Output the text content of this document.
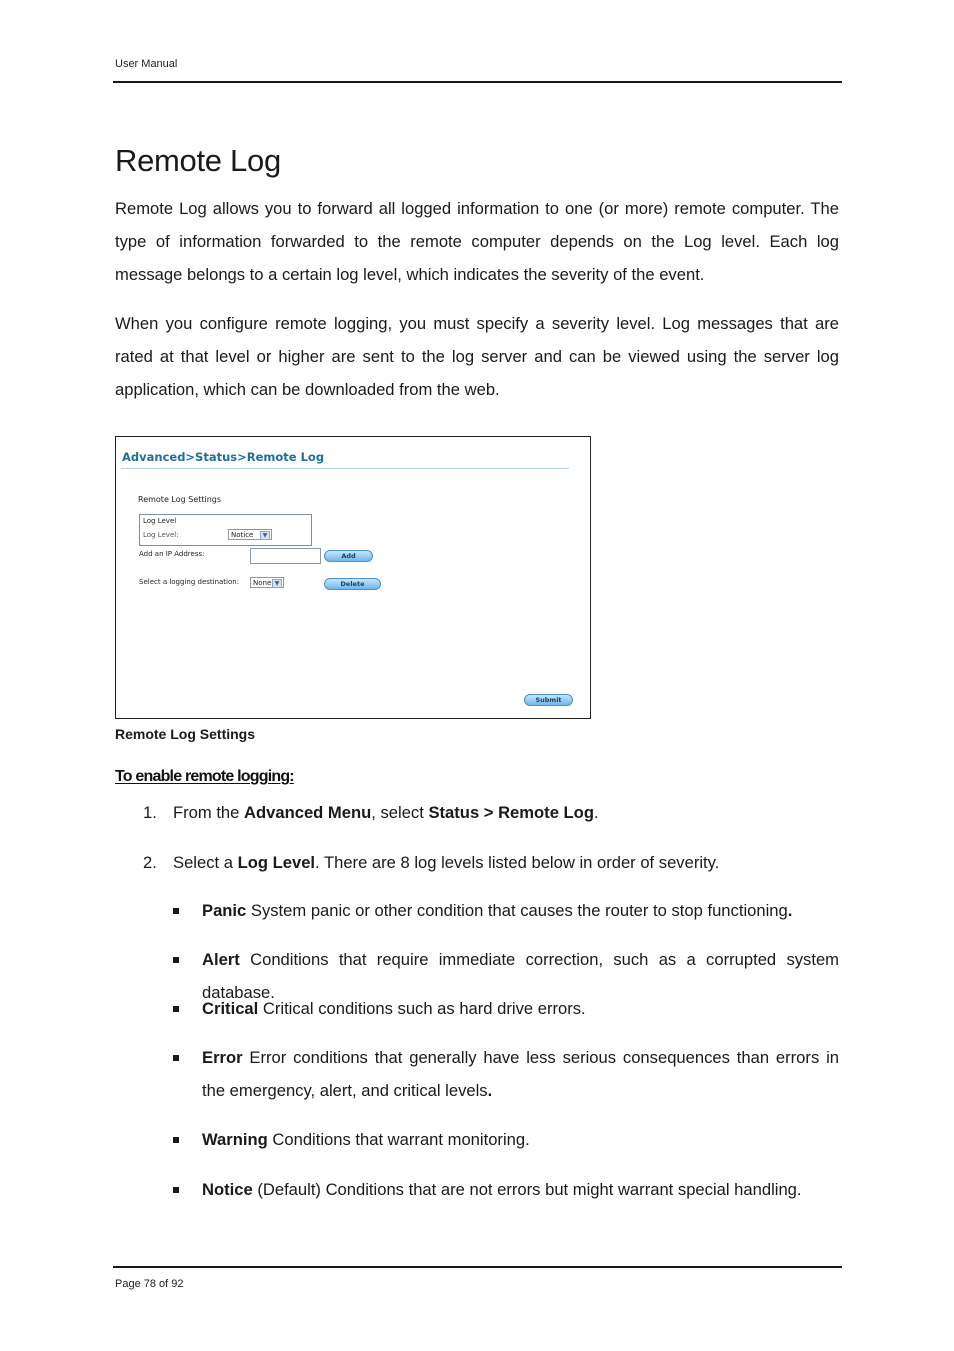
User Manual
Remote Log
Remote Log allows you to forward all logged information to one (or more) remote computer. The type of information forwarded to the remote computer depends on the Log level. Each log message belongs to a certain log level, which indicates the severity of the event.
When you configure remote logging, you must specify a severity level. Log messages that are rated at that level or higher are sent to the log server and can be viewed using the server log application, which can be downloaded from the web.
Advanced>Status>Remote Log
Remote Log Settings
Log Level
Log Level:	Notice	▼
Add an IP Address:	Add
Select a logging destination:	None ▼	Delete
Submit
Remote Log Settings
To enable remote logging:
1. From the Advanced Menu, select Status > Remote Log.
2. Select a Log Level. There are 8 log levels listed below in order of severity.
Panic System panic or other condition that causes the router to stop functioning.
Alert Conditions that require immediate correction, such as a corrupted system database.
Critical Critical conditions such as hard drive errors.
Error Error conditions that generally have less serious consequences than errors in the emergency, alert, and critical levels.
Warning Conditions that warrant monitoring.
Notice (Default) Conditions that are not errors but might warrant special handling.
Page 78 of 92
